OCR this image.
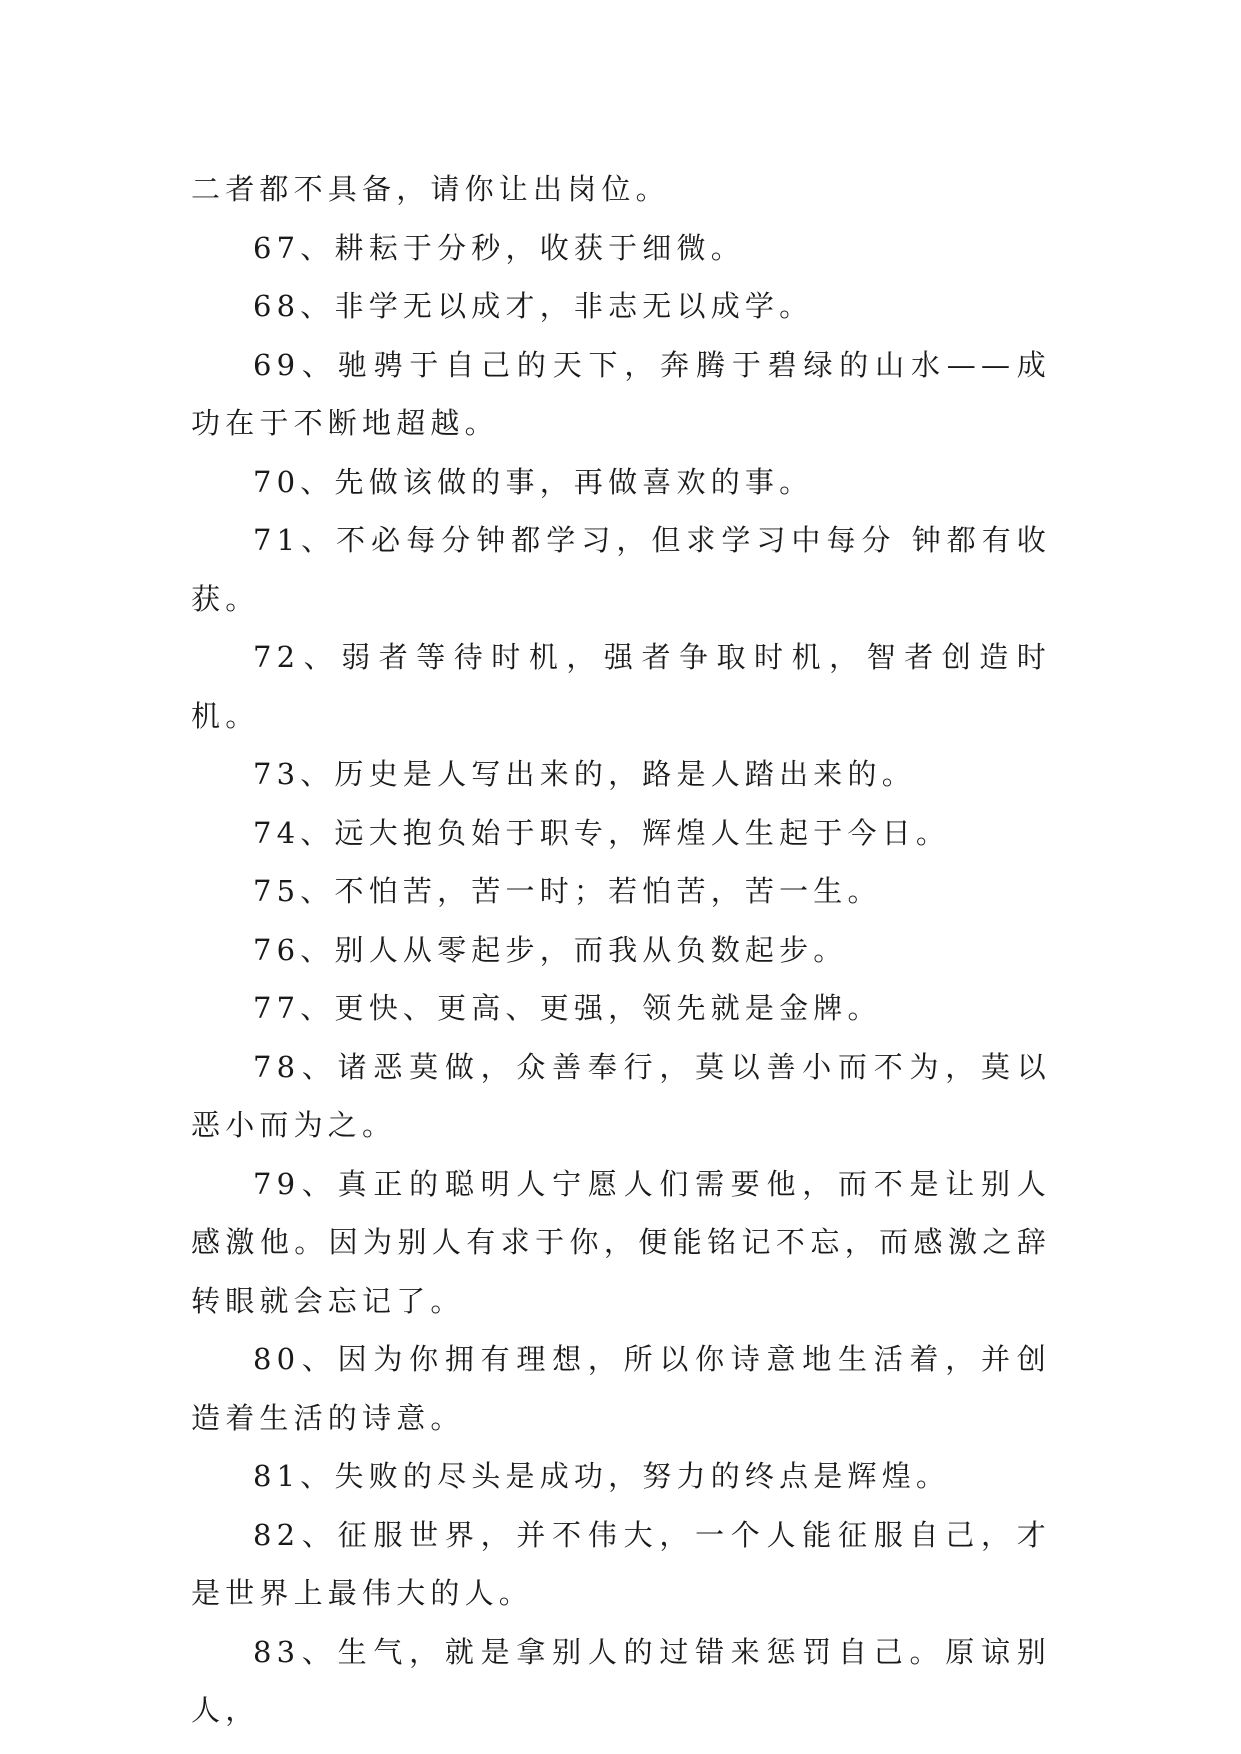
二者都不具备，请你让出岗位。

67、耕耘于分秒，收获于细微。

68、非学无以成才，非志无以成学。

69、驰骋于自己的天下，奔腾于碧绿的山水——成功在于不断地超越。

70、先做该做的事，再做喜欢的事。

71、不必每分钟都学习，但求学习中每分 钟都有收获。

72、弱者等待时机，强者争取时机，智者创造时机。

73、历史是人写出来的，路是人踏出来的。

74、远大抱负始于职专，辉煌人生起于今日。

75、不怕苦，苦一时；若怕苦，苦一生。

76、别人从零起步，而我从负数起步。

77、更快、更高、更强，领先就是金牌。

78、诸恶莫做，众善奉行，莫以善小而不为，莫以恶小而为之。

79、真正的聪明人宁愿人们需要他，而不是让别人感激他。因为别人有求于你，便能铭记不忘，而感激之辞转眼就会忘记了。

80、因为你拥有理想，所以你诗意地生活着，并创造着生活的诗意。

81、失败的尽头是成功，努力的终点是辉煌。

82、征服世界，并不伟大，一个人能征服自己，才是世界上最伟大的人。

83、生气，就是拿别人的过错来惩罚自己。原谅别人，
